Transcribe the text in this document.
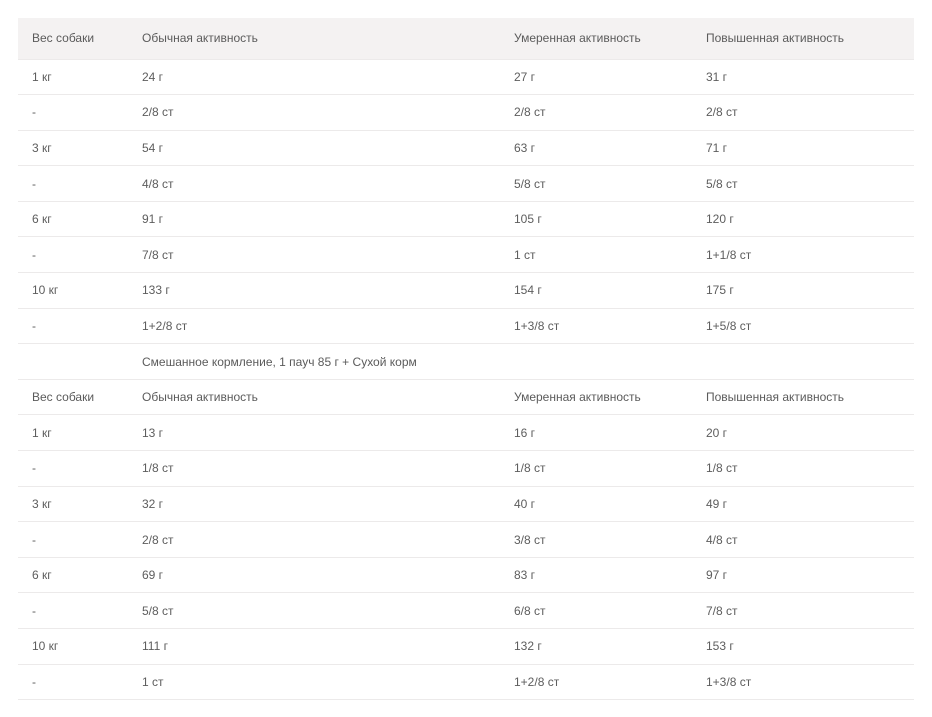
Вес собаки	Обычная активность	Умеренная активность	Повышенная активность
1 кг	24 г	27 г	31 г
-	2/8 ст	2/8 ст	2/8 ст
3 кг	54 г	63 г	71 г
-	4/8 ст	5/8 ст	5/8 ст
6 кг	91 г	105 г	120 г
-	7/8 ст	1 ст	1+1/8 ст
10 кг	133 г	154 г	175 г
-	1+2/8 ст	1+3/8 ст	1+5/8 ст
	Смешанное кормление, 1 пауч 85 г + Сухой корм		
Вес собаки	Обычная активность	Умеренная активность	Повышенная активность
1 кг	13 г	16 г	20 г
-	1/8 ст	1/8 ст	1/8 ст
3 кг	32 г	40 г	49 г
-	2/8 ст	3/8 ст	4/8 ст
6 кг	69 г	83 г	97 г
-	5/8 ст	6/8 ст	7/8 ст
10 кг	111 г	132 г	153 г
-	1 ст	1+2/8 ст	1+3/8 ст
